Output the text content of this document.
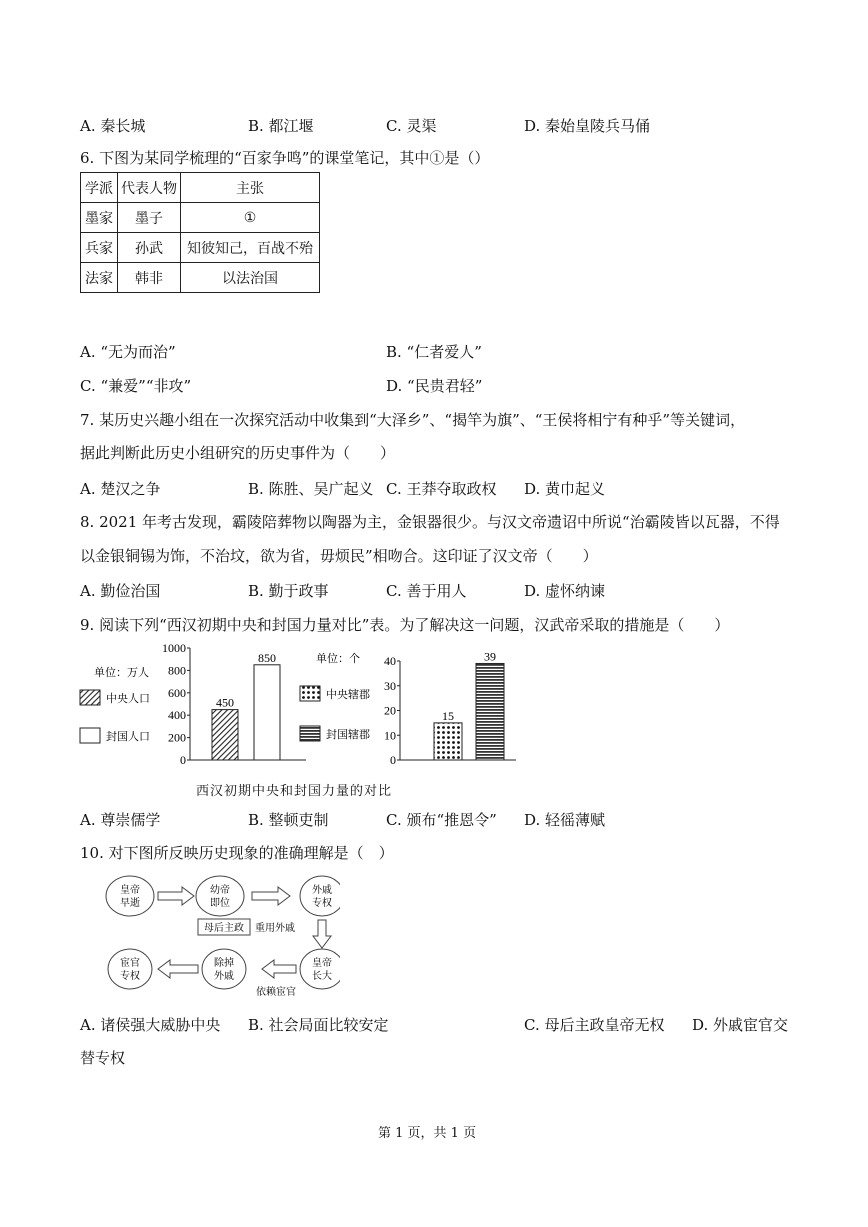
A. 秦长城	B. 都江堰	C. 灵渠	D. 秦始皇陵兵马俑
6. 下图为某同学梳理的“百家争鸣”的课堂笔记，其中①是（）
学派	代表人物	主张
墨家	墨子	①
兵家	孙武	知彼知己，百战不殆
法家	韩非	以法治国
A. “无为而治”	B. “仁者爱人”
C. “兼爱”“非攻”	D. “民贵君轻”
7. 某历史兴趣小组在一次探究活动中收集到“大泽乡”、“揭竿为旗”、“王侯将相宁有种乎”等关键词，
据此判断此历史小组研究的历史事件为（　　）
A. 楚汉之争	B. 陈胜、吴广起义 C. 王莽夺取政权 D. 黄巾起义
8. 2021 年考古发现，霸陵陪葬物以陶器为主，金银器很少。与汉文帝遗诏中所说“治霸陵皆以瓦器，不得
以金银铜锡为饰，不治坟，欲为省，毋烦民”相吻合。这印证了汉文帝（　　）
A. 勤俭治国	B. 勤于政事	C. 善于用人	D. 虚怀纳谏
9. 阅读下列“西汉初期中央和封国力量对比”表。为了解决这一问题，汉武帝采取的措施是（　　）
0
200
400
600
800
1000
450
850
单位：万人
中央人口
封国人口
0
10
20
30
40
15
39
单位：个
中央辖郡
封国辖郡
西汉初期中央和封国力量的对比
A. 尊崇儒学	B. 整顿吏制	C. 颁布“推恩令” D. 轻徭薄赋
10. 对下图所反映历史现象的准确理解是（　）
皇帝
早逝
幼帝
即位
外戚
专权
皇帝
长大
除掉
外戚
宦官
专权
母后主政 重用外戚
依赖宦官
A. 诸侯强大威胁中央 B. 社会局面比较安定	C. 母后主政皇帝无权 D. 外戚宦官交
替专权
第 1 页，共 1 页
